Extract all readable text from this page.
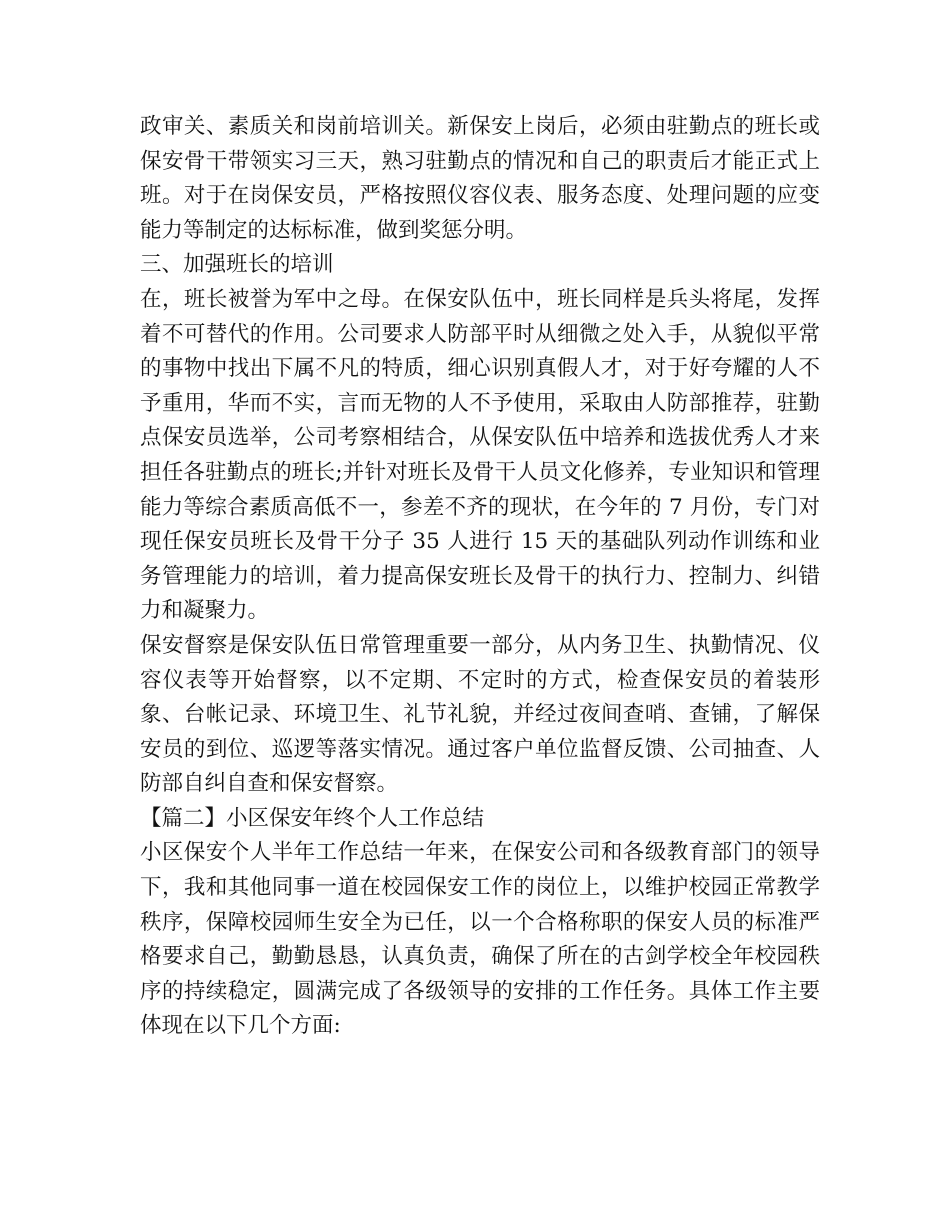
政审关、素质关和岗前培训关。新保安上岗后，必须由驻勤点的班长或保安骨干带领实习三天，熟习驻勤点的情况和自己的职责后才能正式上班。对于在岗保安员，严格按照仪容仪表、服务态度、处理问题的应变能力等制定的达标标准，做到奖惩分明。

三、加强班长的培训

在，班长被誉为军中之母。在保安队伍中，班长同样是兵头将尾，发挥着不可替代的作用。公司要求人防部平时从细微之处入手，从貌似平常的事物中找出下属不凡的特质，细心识别真假人才，对于好夸耀的人不予重用，华而不实，言而无物的人不予使用，采取由人防部推荐，驻勤点保安员选举，公司考察相结合，从保安队伍中培养和选拔优秀人才来担任各驻勤点的班长;并针对班长及骨干人员文化修养，专业知识和管理能力等综合素质高低不一，参差不齐的现状，在今年的 7 月份，专门对现任保安员班长及骨干分子 35 人进行 15 天的基础队列动作训练和业务管理能力的培训，着力提高保安班长及骨干的执行力、控制力、纠错力和凝聚力。

保安督察是保安队伍日常管理重要一部分，从内务卫生、执勤情况、仪容仪表等开始督察，以不定期、不定时的方式，检查保安员的着装形象、台帐记录、环境卫生、礼节礼貌，并经过夜间查哨、查铺，了解保安员的到位、巡逻等落实情况。通过客户单位监督反馈、公司抽查、人防部自纠自查和保安督察。

【篇二】小区保安年终个人工作总结

小区保安个人半年工作总结一年来，在保安公司和各级教育部门的领导下，我和其他同事一道在校园保安工作的岗位上，以维护校园正常教学秩序，保障校园师生安全为已任，以一个合格称职的保安人员的标准严格要求自己，勤勤恳恳，认真负责，确保了所在的古剑学校全年校园秩序的持续稳定，圆满完成了各级领导的安排的工作任务。具体工作主要体现在以下几个方面:
